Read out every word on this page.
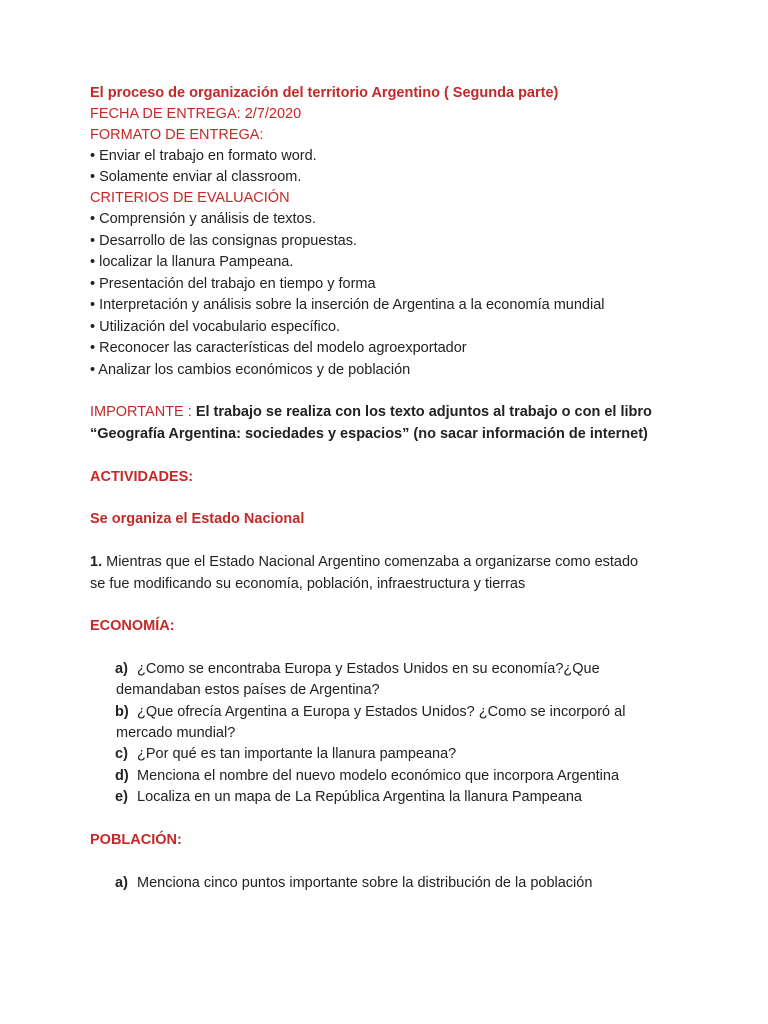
El proceso de organización del territorio Argentino ( Segunda parte)
FECHA DE ENTREGA: 2/7/2020
FORMATO DE ENTREGA:
• Enviar el trabajo en formato word.
• Solamente enviar al classroom.
CRITERIOS DE EVALUACIÓN
• Comprensión y análisis de textos.
• Desarrollo de las consignas propuestas.
• localizar la llanura Pampeana.
• Presentación del trabajo en tiempo y forma
• Interpretación y análisis sobre la inserción de Argentina a la economía mundial
• Utilización del vocabulario específico.
• Reconocer las características del modelo agroexportador
• Analizar los cambios económicos y de población
IMPORTANTE : El trabajo se realiza con los texto adjuntos al trabajo o con el libro
“Geografía Argentina: sociedades y espacios” (no sacar información de internet)
ACTIVIDADES:
Se organiza el Estado Nacional
1. Mientras que el Estado Nacional Argentino comenzaba a organizarse como estado
se fue modificando su economía, población, infraestructura y tierras
ECONOMÍA:
a) ¿Como se encontraba Europa y Estados Unidos en su economía?¿Que
demandaban estos países de Argentina?
b) ¿Que ofrecía Argentina a Europa y Estados Unidos? ¿Como se incorporó al
mercado mundial?
c) ¿Por qué es tan importante la llanura pampeana?
d) Menciona el nombre del nuevo modelo económico que incorpora Argentina
e) Localiza en un mapa de La República Argentina la llanura Pampeana
POBLACIÓN:
a) Menciona cinco puntos importante sobre la distribución de la población
